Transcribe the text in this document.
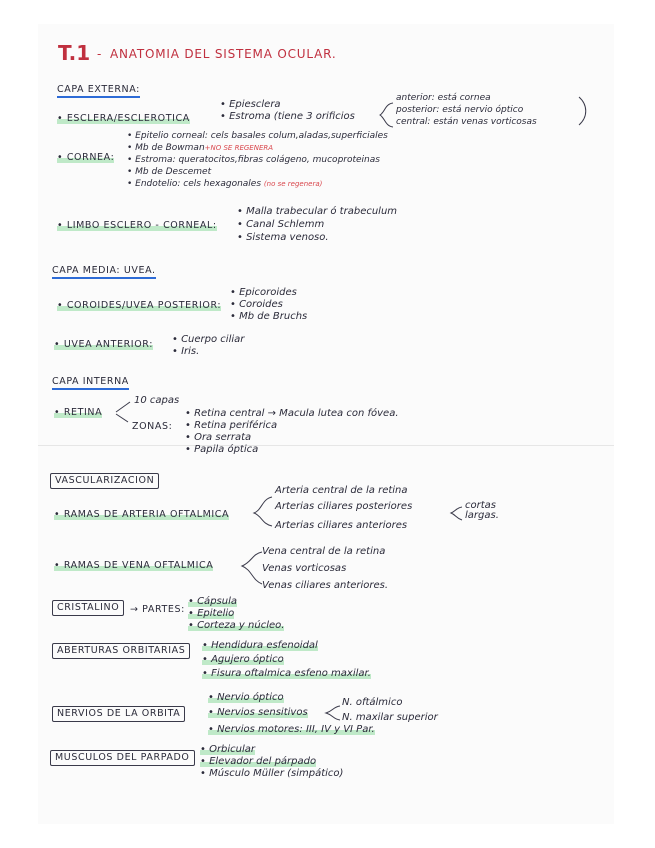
T.1 - ANATOMIA DEL SISTEMA OCULAR.
CAPA EXTERNA:
• ESCLERA/ESCLEROTICA
• Epiesclera
• Estroma (tiene 3 orificios
anterior: está cornea
posterior: está nervio óptico
central: están venas vorticosas
• CORNEA:
• Epitelio corneal: cels basales colum,aladas,superficiales
• Mb de Bowman+NO SE REGENERA
• Estroma: queratocitos,fibras colágeno, mucoproteinas
• Mb de Descemet
• Endotelio: cels hexagonales (no se regenera)
• LIMBO ESCLERO - CORNEAL:
• Malla trabecular ó trabeculum
• Canal Schlemm
• Sistema venoso.
CAPA MEDIA: UVEA.
• COROIDES/UVEA POSTERIOR:
• Epicoroides
• Coroides
• Mb de Bruchs
• UVEA ANTERIOR: • Cuerpo ciliar
• Iris.
CAPA INTERNA
• RETINA
10 capas
ZONAS:
• Retina central → Macula lutea con fóvea.
• Retina periférica
• Ora serrata
• Papila óptica
VASCULARIZACION
• RAMAS DE ARTERIA OFTALMICA
Arteria central de la retina
Arterias ciliares posteriores
Arterias ciliares anteriores
cortas
largas.
• RAMAS DE VENA OFTALMICA
Vena central de la retina
Venas vorticosas
Venas ciliares anteriores.
CRISTALINO	→ PARTES:
• Cápsula
• Epitelio
• Corteza y núcleo.
ABERTURAS ORBITARIAS	• Hendidura esfenoidal
• Agujero óptico
• Fisura oftalmica esfeno maxilar.
NERVIOS DE LA ORBITA
• Nervio óptico
• Nervios sensitivos
• Nervios motores: III, IV y VI Par.
N. oftálmico
N. maxilar superior
MUSCULOS DEL PARPADO
• Orbicular
• Elevador del párpado
• Músculo Müller (simpático)
